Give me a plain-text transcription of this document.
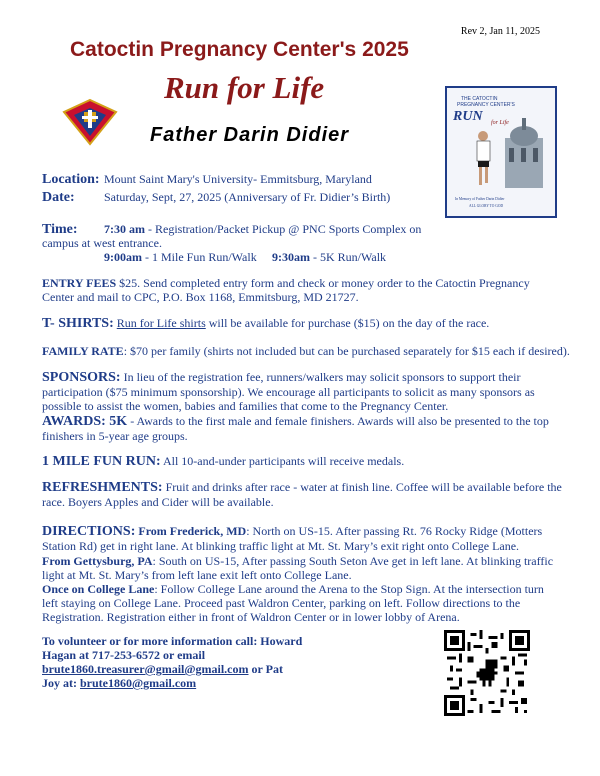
Rev 2, Jan 11, 2025
Catoctin Pregnancy Center's 2025
Run for Life
Father Darin Didier
THE CATOCTIN
PREGNANCY CENTER'S
RUN for Life
In Memory of Father Darin Didier
ALL GLORY TO GOD
Location: Mount Saint Mary's University- Emmitsburg, Maryland
Date: Saturday, Sept, 27, 2025 (Anniversary of Fr. Didier’s Birth)
Time: 7:30 am - Registration/Packet Pickup @ PNC Sports Complex on
campus at west entrance.
9:00am - 1 Mile Fun Run/Walk 9:30am - 5K Run/Walk

ENTRY FEES $25. Send completed entry form and check or money order to the Catoctin Pregnancy Center and mail to CPC, P.O. Box 1168, Emmitsburg, MD 21727.

T- SHIRTS: Run for Life shirts will be available for purchase ($15) on the day of the race.

FAMILY RATE: $70 per family (shirts not included but can be purchased separately for $15 each if desired).

SPONSORS: In lieu of the registration fee, runners/walkers may solicit sponsors to support their participation ($75 minimum sponsorship). We encourage all participants to solicit as many sponsors as possible to assist the women, babies and families that come to the Pregnancy Center.

AWARDS: 5K - Awards to the first male and female finishers. Awards will also be presented to the top finishers in 5-year age groups.

1 MILE FUN RUN: All 10-and-under participants will receive medals.

REFRESHMENTS: Fruit and drinks after race - water at finish line. Coffee will be available before the race. Boyers Apples and Cider will be available.

DIRECTIONS: From Frederick, MD: North on US-15. After passing Rt. 76 Rocky Ridge (Motters Station Rd) get in right lane. At blinking traffic light at Mt. St. Mary’s exit right onto College Lane.

From Gettysburg, PA: South on US-15, After passing South Seton Ave get in left lane. At blinking traffic light at Mt. St. Mary’s from left lane exit left onto College Lane.

Once on College Lane: Follow College Lane around the Arena to the Stop Sign. At the intersection turn left staying on College Lane. Proceed past Waldron Center, parking on left. Follow directions to the Registration. Registration either in front of Waldron Center or in lower lobby of Arena.

To volunteer or for more information call: Howard
Hagan at 717-253-6572 or email
brute1860.treasurer@gmail@gmail.com or Pat
Joy at: brute1860@gmail.com
